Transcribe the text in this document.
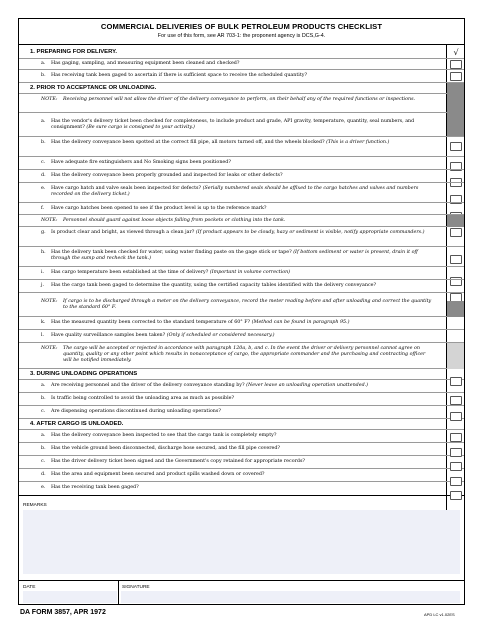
COMMERCIAL DELIVERIES OF BULK PETROLEUM PRODUCTS CHECKLIST
For use of this form, see AR 703-1: the proponent agency is DCS,G-4.
1. PREPARING FOR DELIVERY.	√
a. Has gaging, sampling, and measuring equipment been cleaned and checked?
b. Has receiving tank been gaged to ascertain if there is sufficient space to receive the scheduled quantity?
2. PRIOR TO ACCEPTANCE OR UNLOADING.
NOTE: Receiving personnel will not allow the driver of the delivery conveyance to perform, on their behalf any of the required functions or inspections.
a. Has the vendor's delivery ticket been checked for completeness, to include product and grade, API gravity, temperature, quantity, seal numbers, and consignment? (Be sure cargo is consigned to your activity.)
b. Has the delivery conveyance been spotted at the correct fill pipe, all motors turned off, and the wheels blocked? (This is a driver function.)
c. Have adequate fire extinguishers and No Smoking signs been positioned?
d. Has the delivery conveyance been properly grounded and inspected for leaks or other defects?
e. Have cargo hatch and valve seals been inspected for defects? (Serially numbered seals should be affixed to the cargo hatches and valves and numbers recorded on the delivery ticket.)
f. Have cargo hatches been opened to see if the product level is up to the reference mark?
NOTE: Personnel should guard against loose objects falling from pockets or clothing into the tank.
g. Is product clear and bright, as viewed through a clean jar? (If product appears to be cloudy, hazy or sediment is visible, notify appropriate commanders.)
h. Has the delivery tank been checked for water, using water finding paste on the gage stick or tape? (If bottom sediment or water is present, drain it off through the sump and recheck the tank.)
i. Has cargo temperature been established at the time of delivery? (Important in volume correction)
j. Has the cargo tank been gaged to determine the quantity, using the certified capacity tables identified with the delivery conveyance?
NOTE: If cargo is to be discharged through a meter on the delivery conveyance, record the meter reading before and after unloading and correct the quantity to the standard 60° F.
k. Has the measured quantity been corrected to the standard temperature of 60° F? (Method can be found in paragraph 95.)
l. Have quality surveillance samples been taken? (Only if scheduled or considered necessary.)
NOTE: The cargo will be accepted or rejected in accordance with paragraph 120a, b, and c. In the event the driver or delivery personnel cannot agree on quantity, quality or any other point which results in nonacceptance of cargo, the appropriate commander and the purchasing and contracting officer will be notified immediately.
3. DURING UNLOADING OPERATIONS
a. Are receiving personnel and the driver of the delivery conveyance standing by? (Never leave an unloading operation unattended.)
b. Is traffic being controlled to avoid the unloading area as much as possible?
c. Are dispensing operations discontinued during unloading operations?
4. AFTER CARGO IS UNLOADED.
a. Has the delivery conveyance been inspected to see that the cargo tank is completely empty?
b. Has the vehicle ground been disconnected, discharge hose secured, and the fill pipe covered?
c. Has the driver delivery ticket been signed and the Government's copy retained for appropriate records?
d. Has the area and equipment been secured and product spills washed down or covered?
e. Has the receiving tank been gaged?
REMARKS
DATE	SIGNATURE
DA FORM 3857, APR 1972	APD LC v1.02ES
